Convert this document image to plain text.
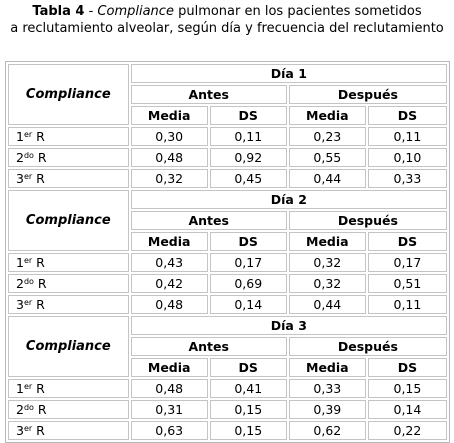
Tabla 4 - Compliance pulmonar en los pacientes sometidos
a reclutamiento alveolar, según día y frecuencia del reclutamiento
Compliance	Día 1			
	Antes		Después	
	Media	DS	Media	DS
1er R	0,30	0,11	0,23	0,11
$2^{do}$ R	0,48	0,92	0,55	0,10
3er R	0,32	0,45	0,44	0,33
Compliance	Día 2			
	Antes		Después	
	Media	DS	Media	DS
1er R	0,43	0,17	0,32	0,17
$2^{do}$ R	0,42	0,69	0,32	0,51
3er R	0,48	0,14	0,44	0,11
Compliance	Día 3			
	Antes		Después	
	Media	DS	Media	DS
1er R	0,48	0,41	0,33	0,15
$2^{do}$ R	0,31	0,15	0,39	0,14
3er R	0,63	0,15	0,62	0,22
